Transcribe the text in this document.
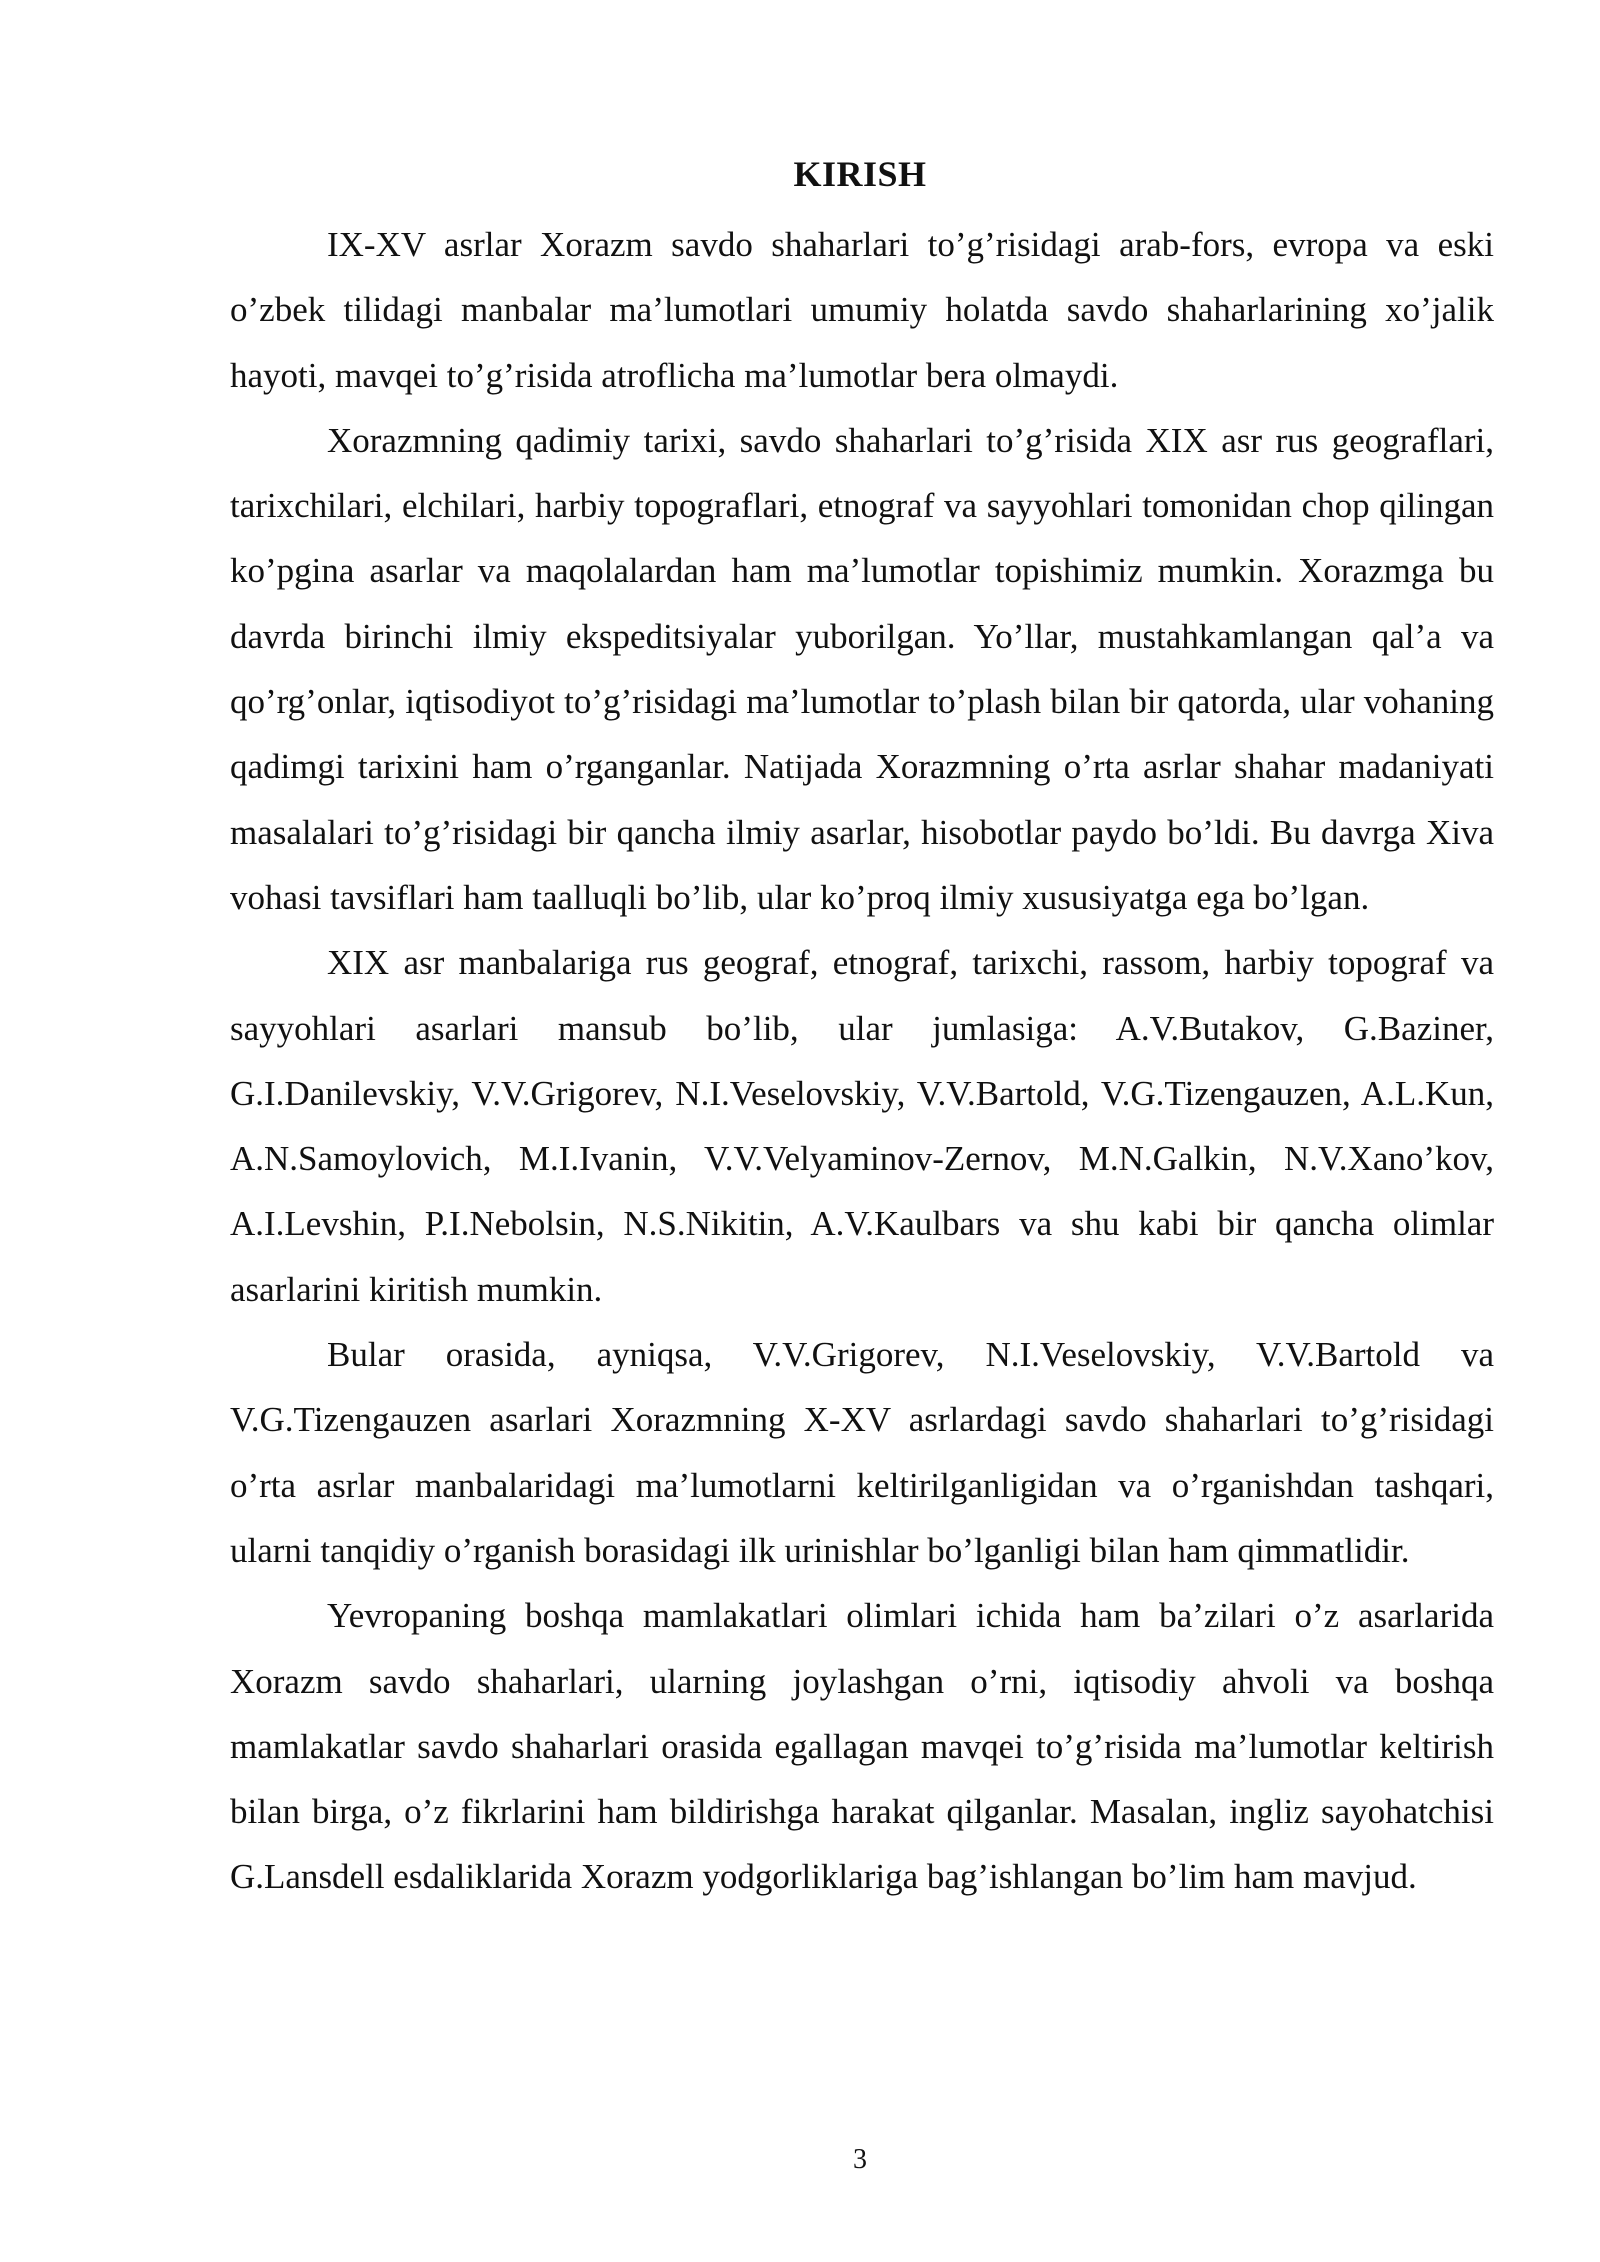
KIRISH

IX-XV asrlar Xorazm savdo shaharlari to’g’risidagi arab-fors, evropa va eski o’zbek tilidagi manbalar ma’lumotlari umumiy holatda savdo shaharlarining xo’jalik hayoti, mavqei to’g’risida atroflicha ma’lumotlar bera olmaydi.

Xorazmning qadimiy tarixi, savdo shaharlari to’g’risida XIX asr rus geograflari, tarixchilari, elchilari, harbiy topograflari, etnograf va sayyohlari tomonidan chop qilingan ko’pgina asarlar va maqolalardan ham ma’lumotlar topishimiz mumkin. Xorazmga bu davrda birinchi ilmiy ekspeditsiyalar yuborilgan. Yo’llar, mustahkamlangan qal’a va qo’rg’onlar, iqtisodiyot to’g’risidagi ma’lumotlar to’plash bilan bir qatorda, ular vohaning qadimgi tarixini ham o’rganganlar. Natijada Xorazmning o’rta asrlar shahar madaniyati masalalari to’g’risidagi bir qancha ilmiy asarlar, hisobotlar paydo bo’ldi. Bu davrga Xiva vohasi tavsiflari ham taalluqli bo’lib, ular ko’proq ilmiy xususiyatga ega bo’lgan.

XIX asr manbalariga rus geograf, etnograf, tarixchi, rassom, harbiy topograf va sayyohlari asarlari mansub bo’lib, ular jumlasiga: A.V.Butakov, G.Baziner, G.I.Danilevskiy, V.V.Grigorev, N.I.Veselovskiy, V.V.Bartold, V.G.Tizengauzen, A.L.Kun, A.N.Samoylovich, M.I.Ivanin, V.V.Velyaminov-Zernov, M.N.Galkin, N.V.Xano’kov, A.I.Levshin, P.I.Nebolsin, N.S.Nikitin, A.V.Kaulbars va shu kabi bir qancha olimlar asarlarini kiritish mumkin.

Bular orasida, ayniqsa, V.V.Grigorev, N.I.Veselovskiy, V.V.Bartold va V.G.Tizengauzen asarlari Xorazmning X-XV asrlardagi savdo shaharlari to’g’risidagi o’rta asrlar manbalaridagi ma’lumotlarni keltirilganligidan va o’rganishdan tashqari, ularni tanqidiy o’rganish borasidagi ilk urinishlar bo’lganligi bilan ham qimmatlidir.

Yevropaning boshqa mamlakatlari olimlari ichida ham ba’zilari o’z asarlarida Xorazm savdo shaharlari, ularning joylashgan o’rni, iqtisodiy ahvoli va boshqa mamlakatlar savdo shaharlari orasida egallagan mavqei to’g’risida ma’lumotlar keltirish bilan birga, o’z fikrlarini ham bildirishga harakat qilganlar. Masalan, ingliz sayohatchisi G.Lansdell esdaliklarida Xorazm yodgorliklariga bag’ishlangan bo’lim ham mavjud.

3
